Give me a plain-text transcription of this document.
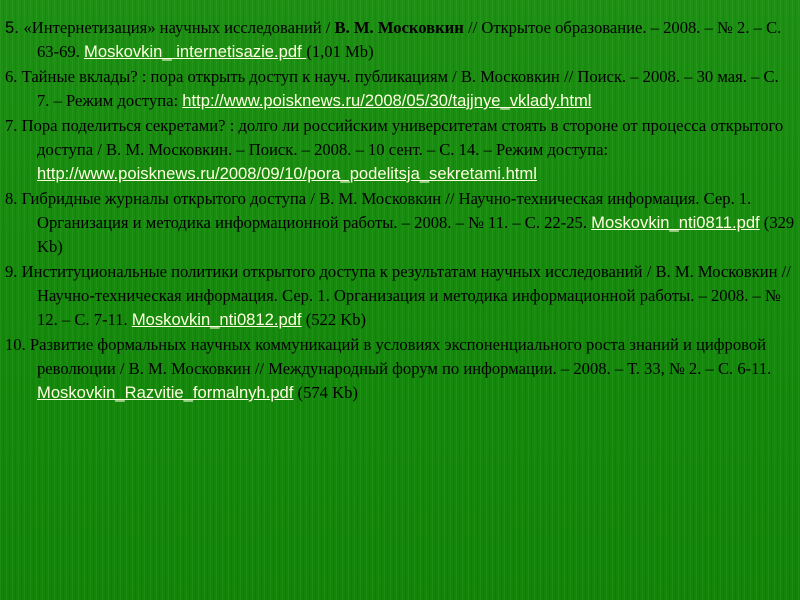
5. «Интернетизация» научных исследований / В. М. Московкин // Открытое образование. – 2008. – № 2. – С. 63-69. Moskovkin_ internetisazie.pdf (1,01 Mb)

6. Тайные вклады? : пора открыть доступ к науч. публикациям / В. Московкин // Поиск. – 2008. – 30 мая. – С. 7. – Режим доступа: http://www.poisknews.ru/2008/05/30/tajjnye_vklady.html

7. Пора поделиться секретами? : долго ли российским университетам стоять в стороне от процесса открытого доступа / В. М. Московкин. – Поиск. – 2008. – 10 сент. – С. 14. – Режим доступа: http://www.poisknews.ru/2008/09/10/pora_podelitsja_sekretami.html

8. Гибридные журналы открытого доступа / В. М. Московкин // Научно-техническая информация. Сер. 1. Организация и методика информационной работы. – 2008. – № 11. – С. 22-25. Moskovkin_nti0811.pdf (329 Kb)

9. Институциональные политики открытого доступа к результатам научных исследований / В. М. Московкин // Научно-техническая информация. Сер. 1. Организация и методика информационной работы. – 2008. – № 12. – С. 7-11. Moskovkin_nti0812.pdf (522 Kb)

10. Развитие формальных научных коммуникаций в условиях экспоненциального роста знаний и цифровой революции / В. М. Московкин // Международный форум по информации. – 2008. – Т. 33, № 2. – С. 6-11. Moskovkin_Razvitie_formalnyh.pdf (574 Kb)
